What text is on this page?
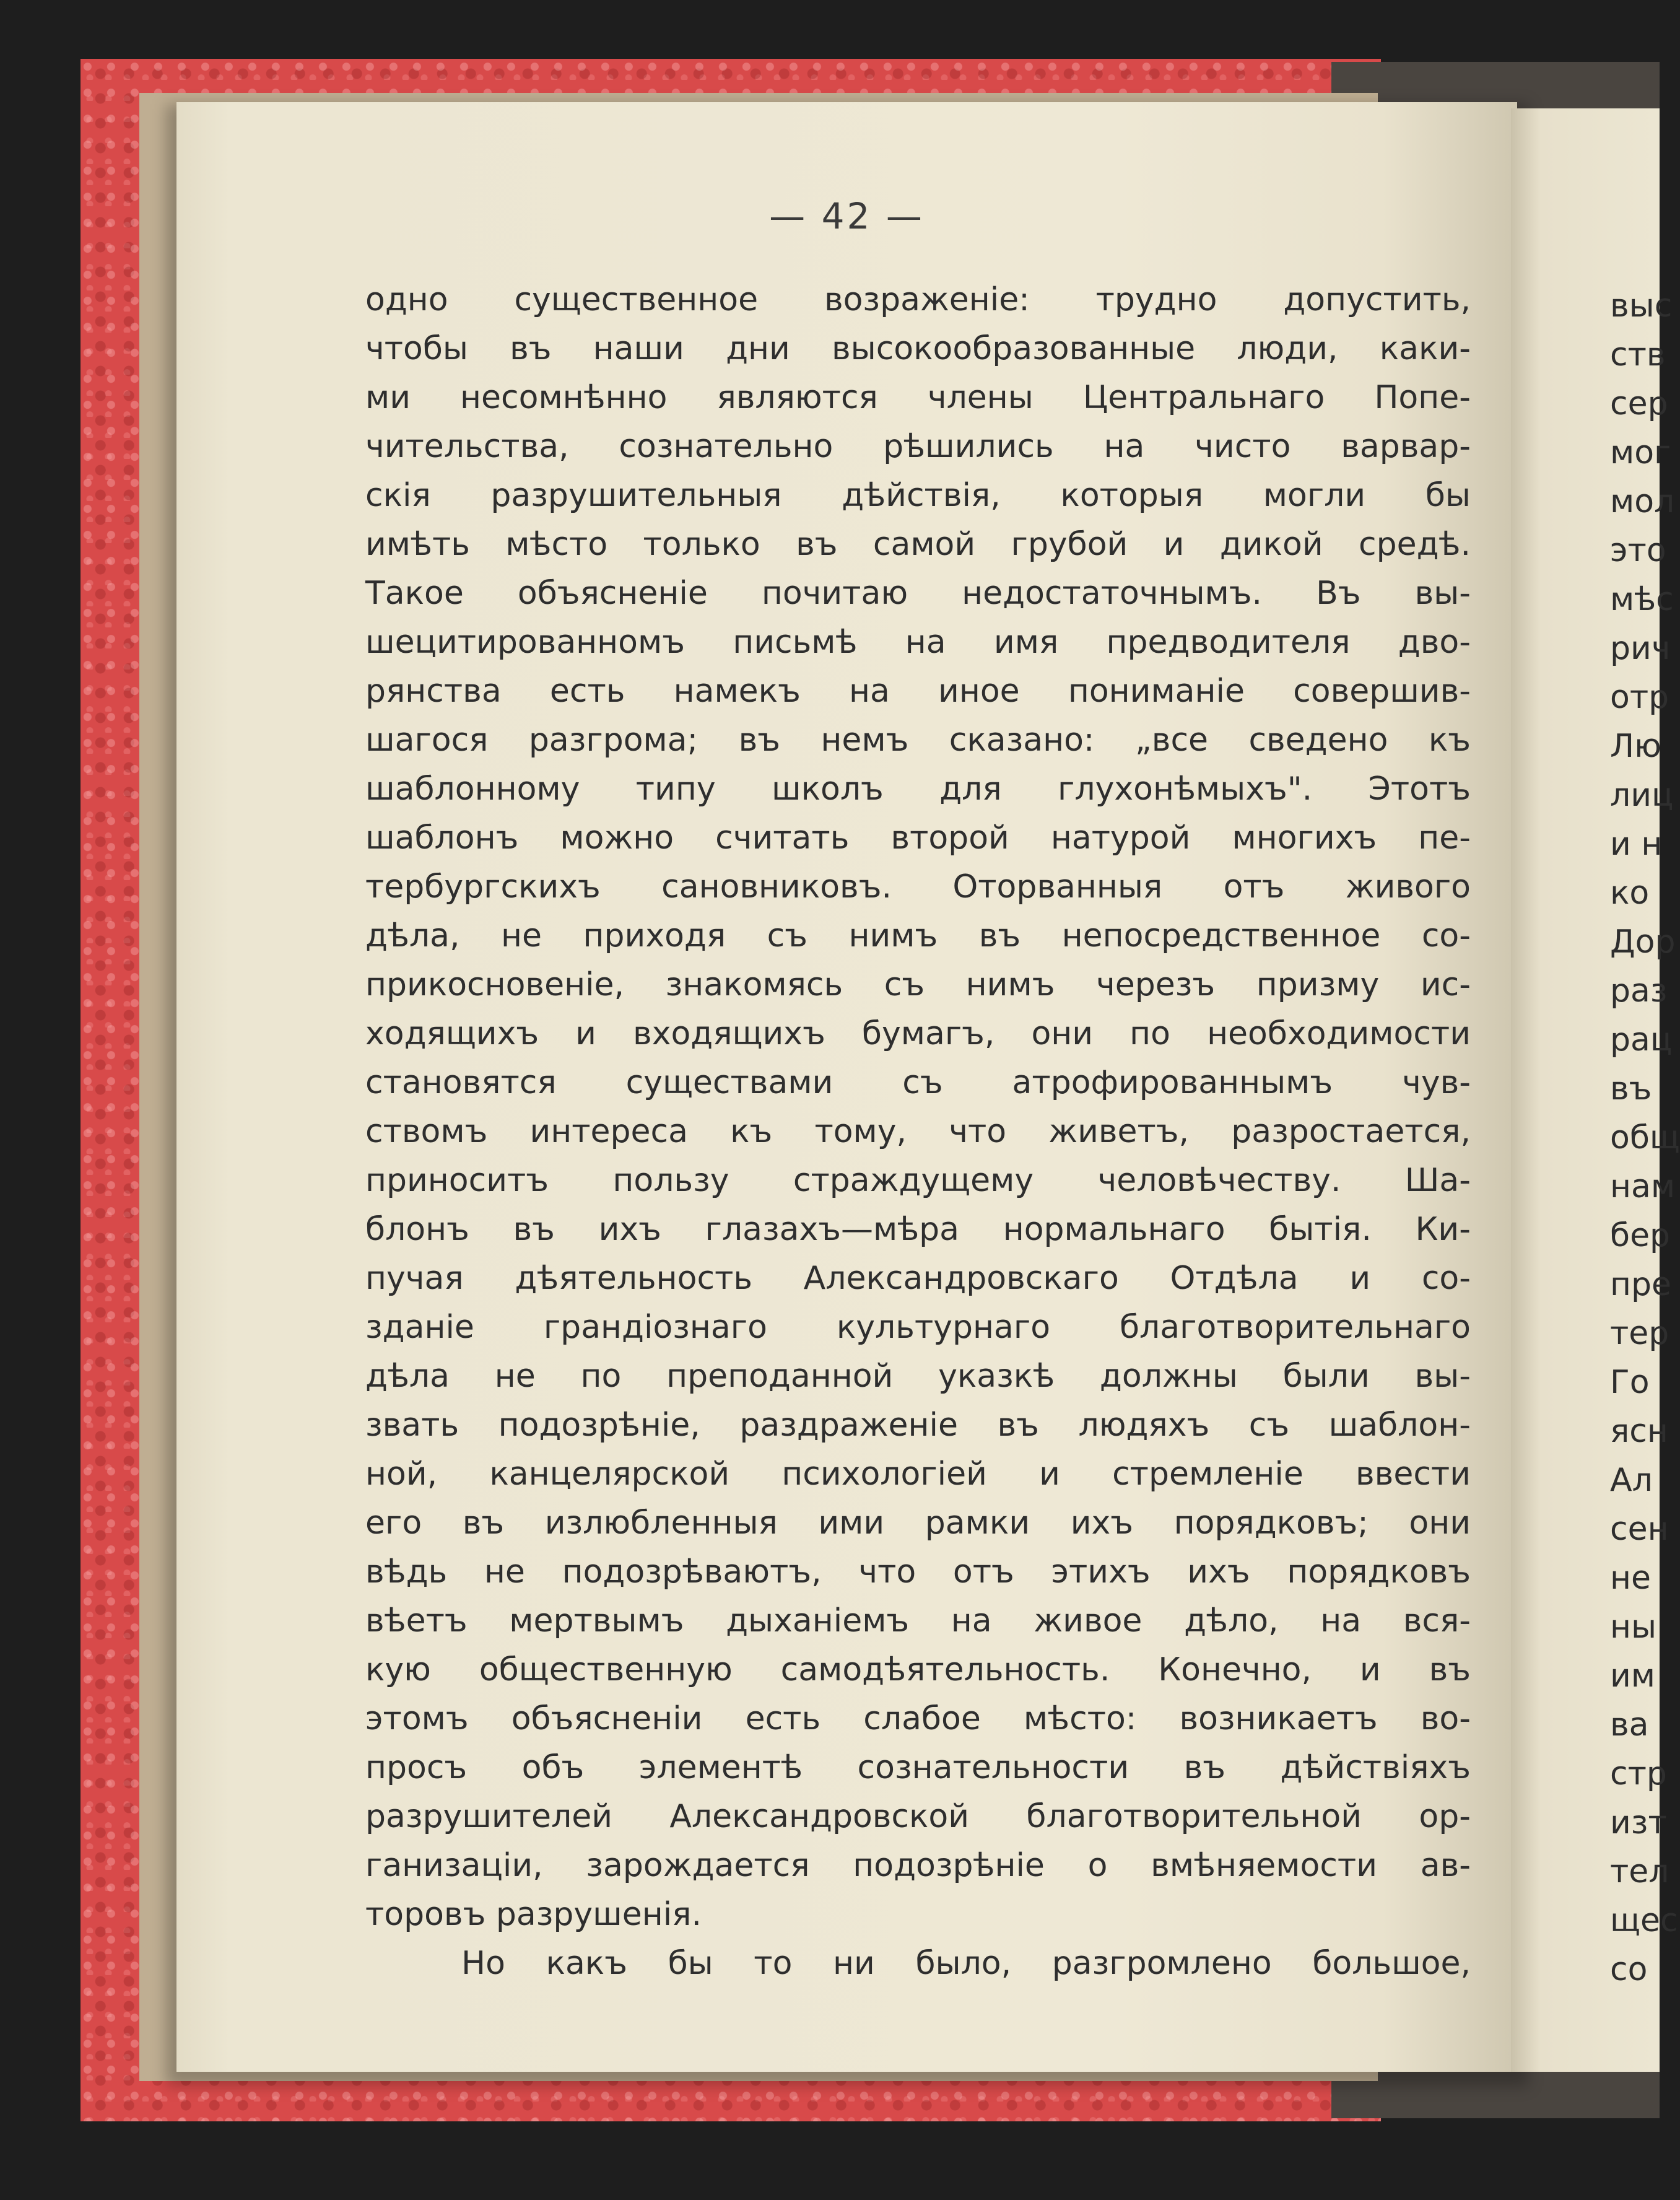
— 42 —
одно существенное возраженіе: трудно допустить,
чтобы въ наши дни высокообразованные люди, каки-
ми несомнѣнно являются члены Центральнаго Попе-
чительства, сознательно рѣшились на чисто варвар-
скія разрушительныя дѣйствія, которыя могли бы
имѣть мѣсто только въ самой грубой и дикой средѣ.
Такое объясненіе почитаю недостаточнымъ. Въ вы-
шецитированномъ письмѣ на имя предводителя дво-
рянства есть намекъ на иное пониманіе совершив-
шагося разгрома; въ немъ сказано: „все сведено къ
шаблонному типу школъ для глухонѣмыхъ". Этотъ
шаблонъ можно считать второй натурой многихъ пе-
тербургскихъ сановниковъ. Оторванныя отъ живого
дѣла, не приходя съ нимъ въ непосредственное со-
прикосновеніе, знакомясь съ нимъ черезъ призму ис-
ходящихъ и входящихъ бумагъ, они по необходимости
становятся существами съ атрофированнымъ чув-
ствомъ интереса къ тому, что живетъ, разростается,
приноситъ пользу страждущему человѣчеству. Ша-
блонъ въ ихъ глазахъ—мѣра нормальнаго бытія. Ки-
пучая дѣятельность Александровскаго Отдѣла и со-
зданіе грандіознаго культурнаго благотворительнаго
дѣла не по преподанной указкѣ должны были вы-
звать подозрѣніе, раздраженіе въ людяхъ съ шаблон-
ной, канцелярской психологіей и стремленіе ввести
его въ излюбленныя ими рамки ихъ порядковъ; они
вѣдь не подозрѣваютъ, что отъ этихъ ихъ порядковъ
вѣетъ мертвымъ дыханіемъ на живое дѣло, на вся-
кую общественную самодѣятельность. Конечно, и въ
этомъ объясненіи есть слабое мѣсто: возникаетъ во-
просъ объ элементѣ сознательности въ дѣйствіяхъ
разрушителей Александровской благотворительной ор-
ганизаціи, зарождается подозрѣніе о вмѣняемости ав-
торовъ разрушенія.
Но какъ бы то ни было, разгромлено большое,
выс
ств
сер
мог
мол
это
мѣс
рич
отр
Лю
лиц
и н
ко
Дор
раз
рац
въ
общ
нам
бер
пре
тер
Го
ясн
Ал
сен
не
ны
им
ва
стр
изт
тел
щес
со
